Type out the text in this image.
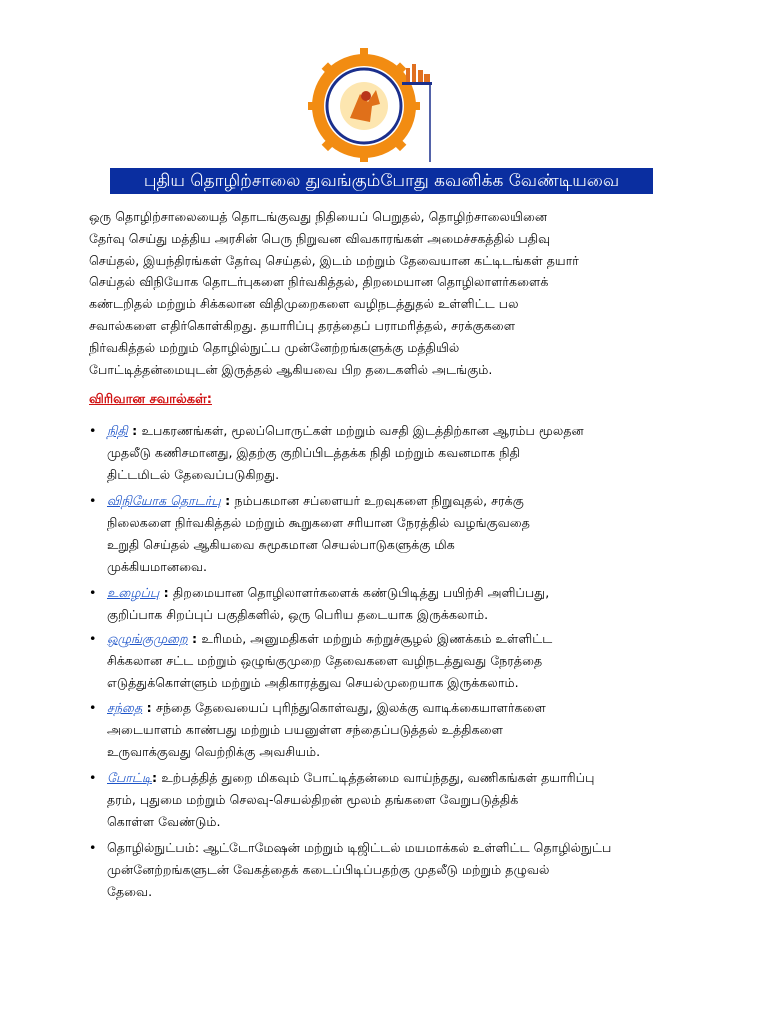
புதிய தொழிற்சாலை துவங்கும்போது கவனிக்க வேண்டியவை
ஒரு தொழிற்சாலையைத் தொடங்குவது நிதியைப் பெறுதல், தொழிற்சாலையினை
தேர்வு செய்து மத்திய அரசின் பெரு நிறுவன விவகாரங்கள் அமைச்சகத்தில் பதிவு
செய்தல், இயந்திரங்கள் தேர்வு செய்தல், இடம் மற்றும் தேவையான கட்டிடங்கள் தயார்
செய்தல் விநியோக தொடர்புகளை நிர்வகித்தல், திறமையான தொழிலாளர்களைக்
கண்டறிதல் மற்றும் சிக்கலான விதிமுறைகளை வழிநடத்துதல் உள்ளிட்ட பல
சவால்களை எதிர்கொள்கிறது. தயாரிப்பு தரத்தைப் பராமரித்தல், சரக்குகளை
நிர்வகித்தல் மற்றும் தொழில்நுட்ப முன்னேற்றங்களுக்கு மத்தியில்
போட்டித்தன்மையுடன் இருத்தல் ஆகியவை பிற தடைகளில் அடங்கும்.
விரிவான சவால்கள்:
• நிதி : உபகரணங்கள், மூலப்பொருட்கள் மற்றும் வசதி இடத்திற்கான ஆரம்ப மூலதன
முதலீடு கணிசமானது, இதற்கு குறிப்பிடத்தக்க நிதி மற்றும் கவனமாக நிதி
திட்டமிடல் தேவைப்படுகிறது.
• விநியோக தொடர்பு : நம்பகமான சப்ளையர் உறவுகளை நிறுவுதல், சரக்கு
நிலைகளை நிர்வகித்தல் மற்றும் கூறுகளை சரியான நேரத்தில் வழங்குவதை
உறுதி செய்தல் ஆகியவை சுமூகமான செயல்பாடுகளுக்கு மிக
முக்கியமானவை.
• உழைப்பு : திறமையான தொழிலாளர்களைக் கண்டுபிடித்து பயிற்சி அளிப்பது,
குறிப்பாக சிறப்புப் பகுதிகளில், ஒரு பெரிய தடையாக இருக்கலாம்.
• ஒழுங்குமுறை : உரிமம், அனுமதிகள் மற்றும் சுற்றுச்சூழல் இணக்கம் உள்ளிட்ட
சிக்கலான சட்ட மற்றும் ஒழுங்குமுறை தேவைகளை வழிநடத்துவது நேரத்தை
எடுத்துக்கொள்ளும் மற்றும் அதிகாரத்துவ செயல்முறையாக இருக்கலாம்.
• சந்தை : சந்தை தேவையைப் புரிந்துகொள்வது, இலக்கு வாடிக்கையாளர்களை
அடையாளம் காண்பது மற்றும் பயனுள்ள சந்தைப்படுத்தல் உத்திகளை
உருவாக்குவது வெற்றிக்கு அவசியம்.
• போட்டி: உற்பத்தித் துறை மிகவும் போட்டித்தன்மை வாய்ந்தது, வணிகங்கள் தயாரிப்பு
தரம், புதுமை மற்றும் செலவு-செயல்திறன் மூலம் தங்களை வேறுபடுத்திக்
கொள்ள வேண்டும்.
• தொழில்நுட்பம்: ஆட்டோமேஷன் மற்றும் டிஜிட்டல் மயமாக்கல் உள்ளிட்ட தொழில்நுட்ப
முன்னேற்றங்களுடன் வேகத்தைக் கடைப்பிடிப்பதற்கு முதலீடு மற்றும் தழுவல்
தேவை.
